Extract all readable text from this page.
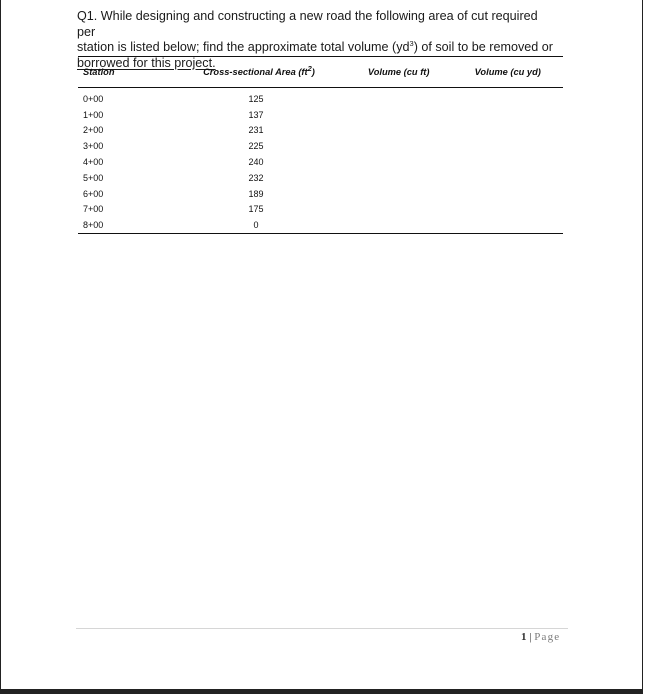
Q1. While designing and constructing a new road the following area of cut required per
station is listed below; find the approximate total volume $(yd^3)$ of soil to be removed or
borrowed for this project.
Station	Cross-sectional Area $(ft^2)$	Volume (cu ft)	Volume (cu yd)
0+00	125		
1+00	137		
2+00	231		
3+00	225		
4+00	240		
5+00	232		
6+00	189		
7+00	175		
8+00	0		
1 | Page
